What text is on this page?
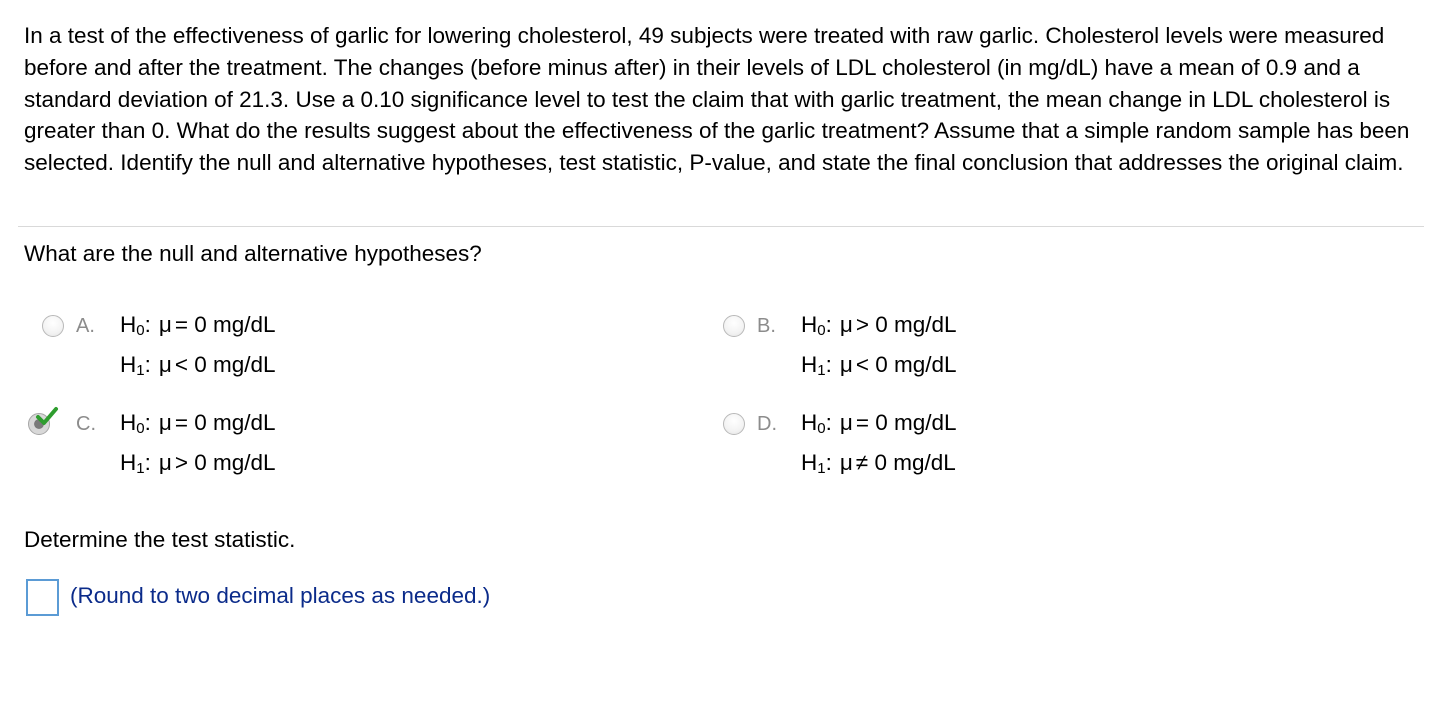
In a test of the effectiveness of garlic for lowering cholesterol, 49 subjects were treated with raw garlic. Cholesterol levels were measured before and after the treatment. The changes (before minus after) in their levels of LDL cholesterol (in mg/dL) have a mean of 0.9 and a standard deviation of 21.3. Use a 0.10 significance level to test the claim that with garlic treatment, the mean change in LDL cholesterol is greater than 0. What do the results suggest about the effectiveness of the garlic treatment? Assume that a simple random sample has been selected. Identify the null and alternative hypotheses, test statistic, P-value, and state the final conclusion that addresses the original claim.

What are the null and alternative hypotheses?

A. $H_0$: μ = 0 mg/dL
$H_1$: μ < 0 mg/dL
B. $H_0$: μ > 0 mg/dL
$H_1$: μ < 0 mg/dL
C. $H_0$: μ = 0 mg/dL
$H_1$: μ > 0 mg/dL
D. $H_0$: μ = 0 mg/dL
$H_1$: μ ≠ 0 mg/dL

Determine the test statistic.

(Round to two decimal places as needed.)
